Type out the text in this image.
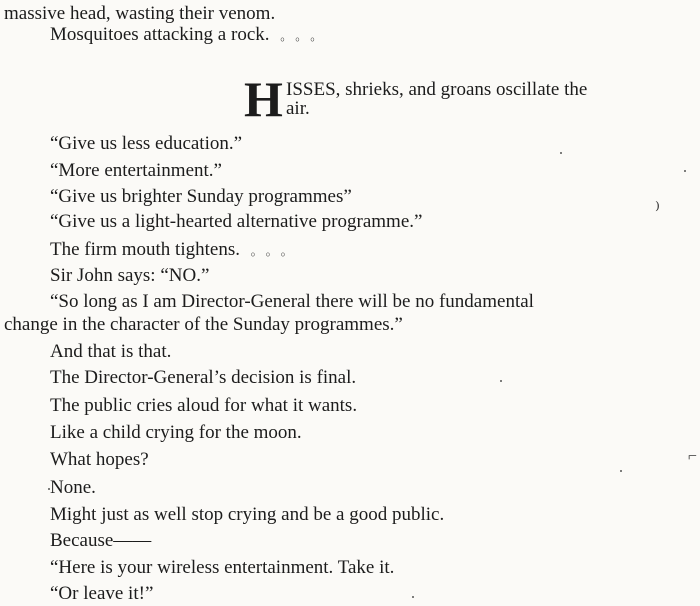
massive head, wasting their venom.
Mosquitoes attacking a rock. 。 。 。
H ISSES, shrieks, and groans oscillate the
air.
“Give us less education.”
“More entertainment.”
“Give us brighter Sunday programmes”
“Give us a light-hearted alternative programme.”
The firm mouth tightens. 。 。 。
Sir John says: “NO.”
“So long as I am Director-General there will be no fundamental
change in the character of the Sunday programmes.”
And that is that.
The Director-General’s decision is final.
The public cries aloud for what it wants.
Like a child crying for the moon.
What hopes?
None.
Might just as well stop crying and be a good public.
Because——
“Here is your wireless entertainment. Take it.
“Or leave it!”
⁾
⌐
